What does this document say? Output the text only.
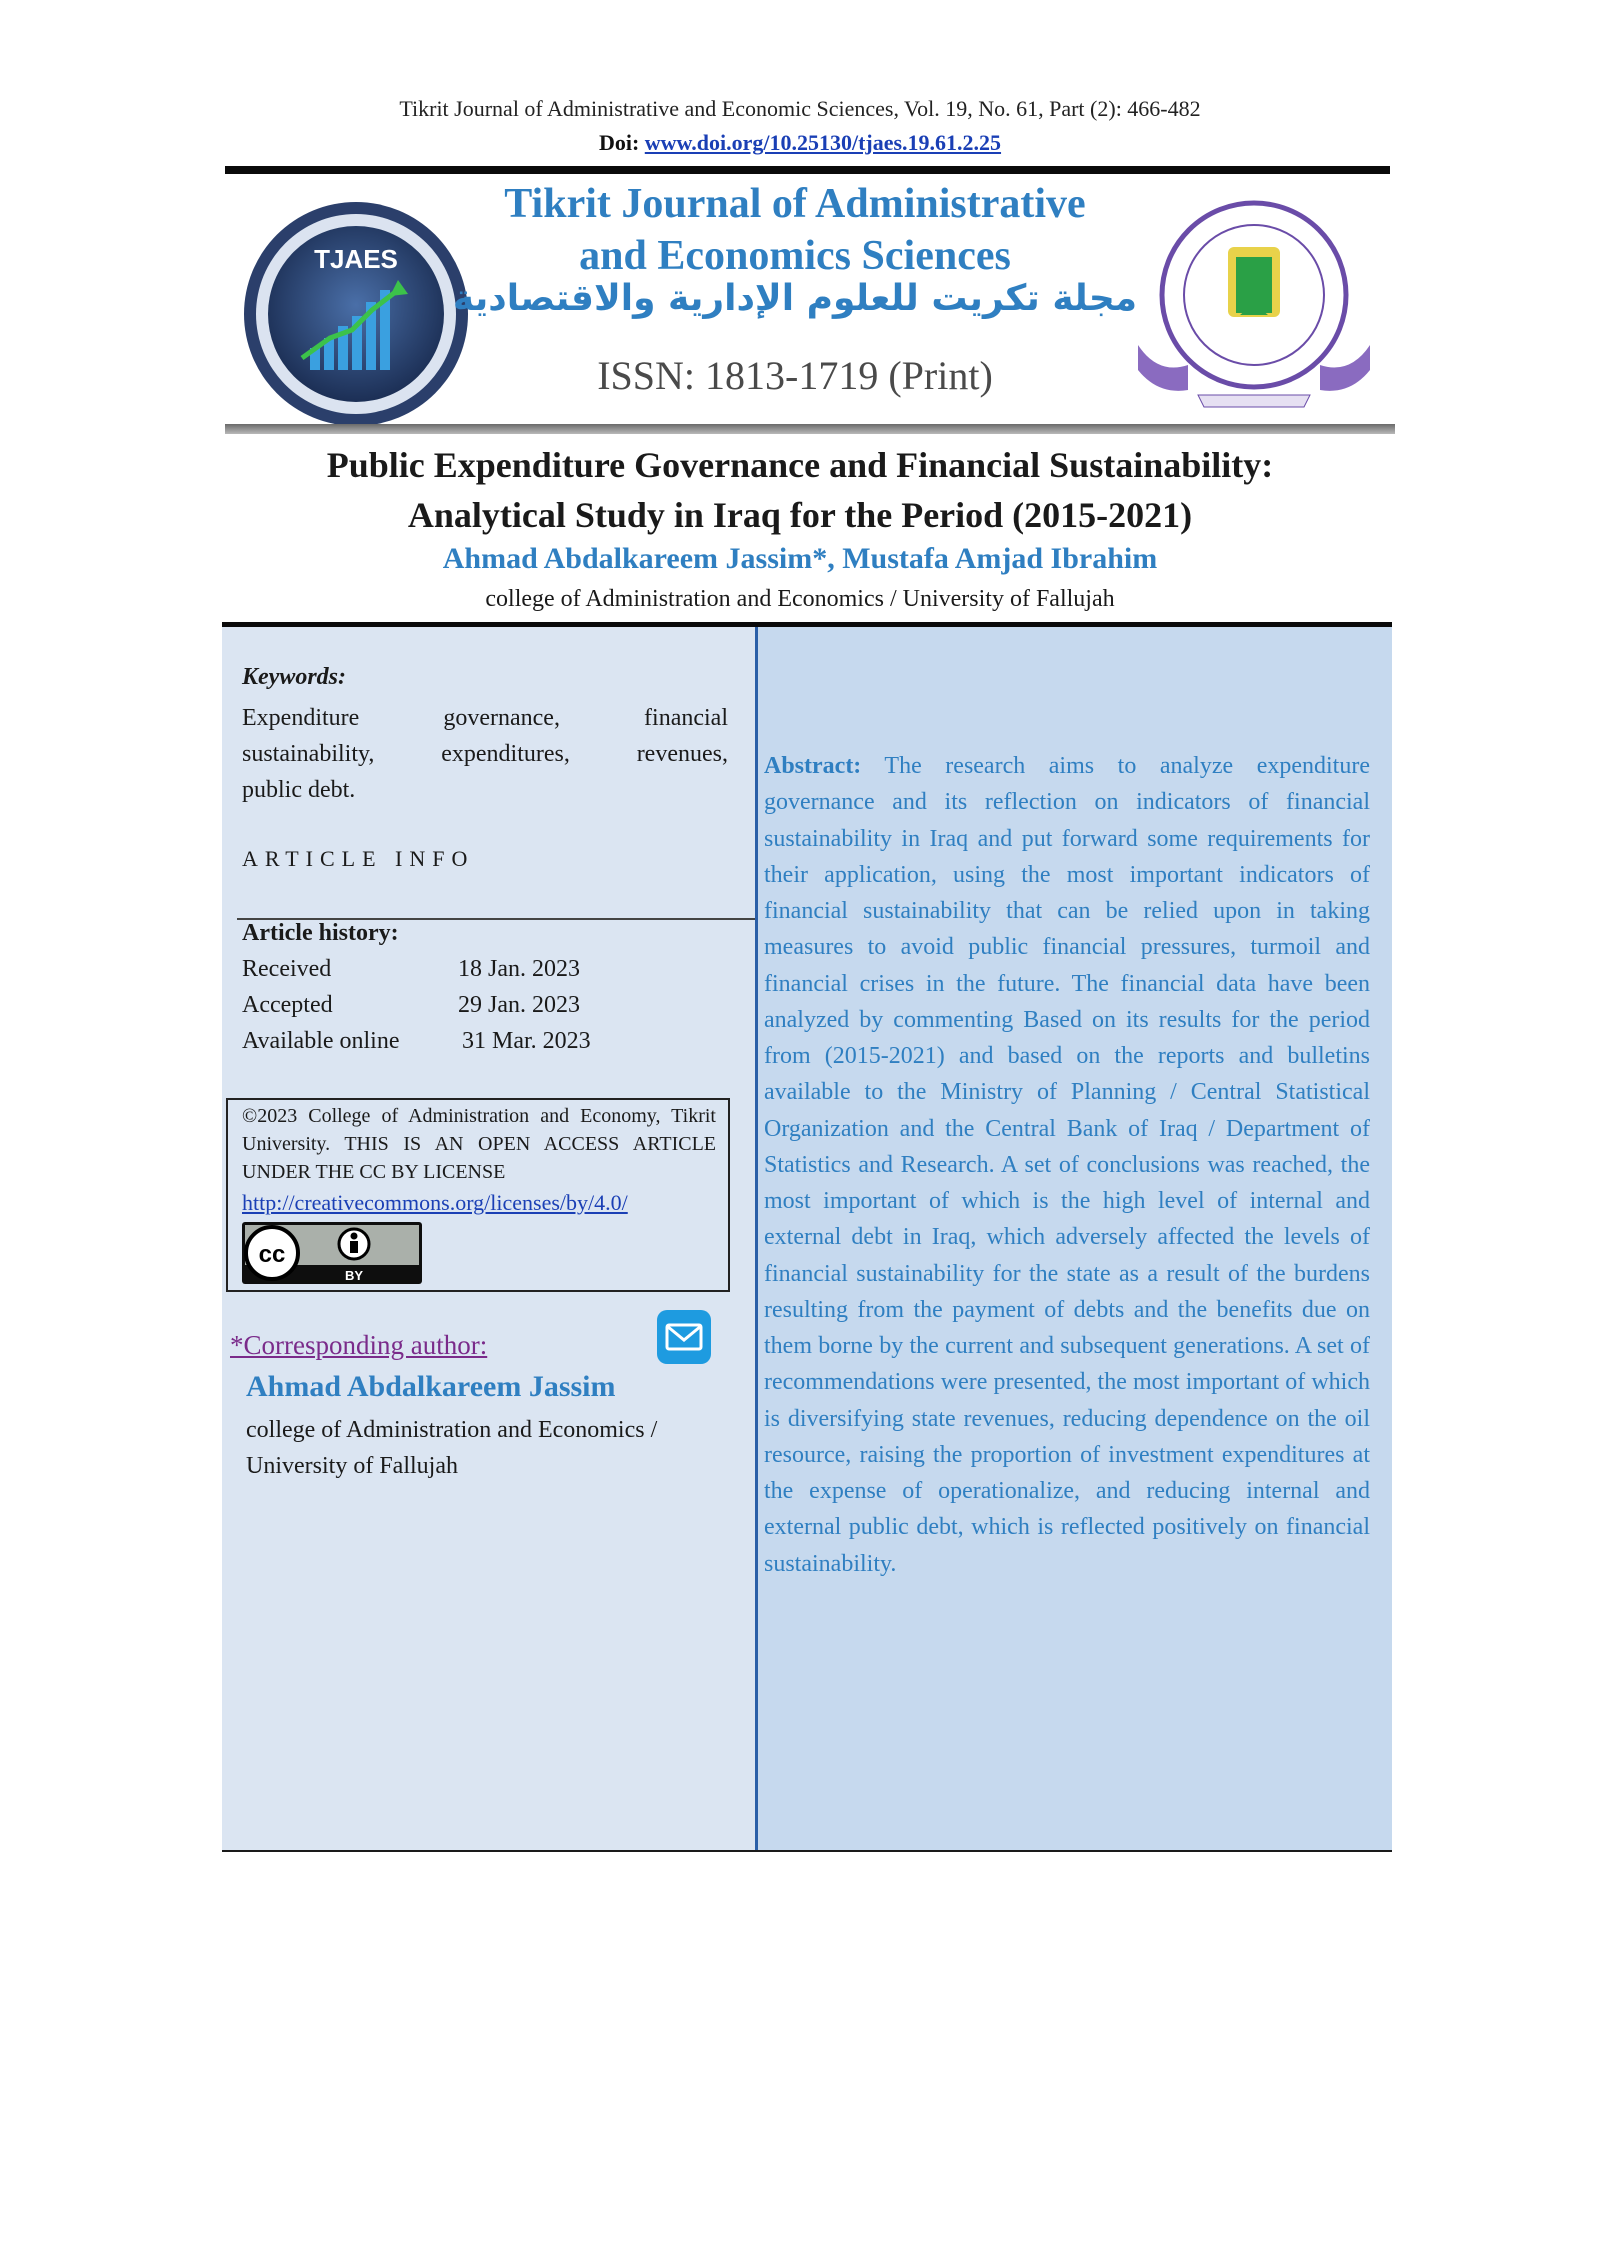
Tikrit Journal of Administrative and Economic Sciences, Vol. 19, No. 61, Part (2): 466-482
Doi: www.doi.org/10.25130/tjaes.19.61.2.25
TJAES
Tikrit Journal of Administrative
and Economics Sciences
مجلة تكريت للعلوم الإدارية والاقتصادية
ISSN: 1813-1719 (Print)
Public Expenditure Governance and Financial Sustainability:
Analytical Study in Iraq for the Period (2015-2021)
Ahmad Abdalkareem Jassim*, Mustafa Amjad Ibrahim
college of Administration and Economics / University of Fallujah
Keywords:
Expenditure	governance,	financial
sustainability,	expenditures,	revenues,
public debt.
ARTICLE INFO
Article history:
Received	18 Jan. 2023
Accepted	29 Jan. 2023
Available online	31 Mar. 2023
©2023 College of Administration and Economy, Tikrit University. THIS IS AN OPEN ACCESS ARTICLE UNDER THE CC BY LICENSE
http://creativecommons.org/licenses/by/4.0/
cc
BY
*Corresponding author:
Ahmad Abdalkareem Jassim
college of Administration and Economics / University of Fallujah
Abstract: The research aims to analyze expenditure governance and its reflection on indicators of financial sustainability in Iraq and put forward some requirements for their application, using the most important indicators of financial sustainability that can be relied upon in taking measures to avoid public financial pressures, turmoil and financial crises in the future. The financial data have been analyzed by commenting Based on its results for the period from (2015-2021) and based on the reports and bulletins available to the Ministry of Planning / Central Statistical Organization and the Central Bank of Iraq / Department of Statistics and Research. A set of conclusions was reached, the most important of which is the high level of internal and external debt in Iraq, which adversely affected the levels of financial sustainability for the state as a result of the burdens resulting from the payment of debts and the benefits due on them borne by the current and subsequent generations. A set of recommendations were presented, the most important of which is diversifying state revenues, reducing dependence on the oil resource, raising the proportion of investment expenditures at the expense of operationalize, and reducing internal and external public debt, which is reflected positively on financial sustainability.
